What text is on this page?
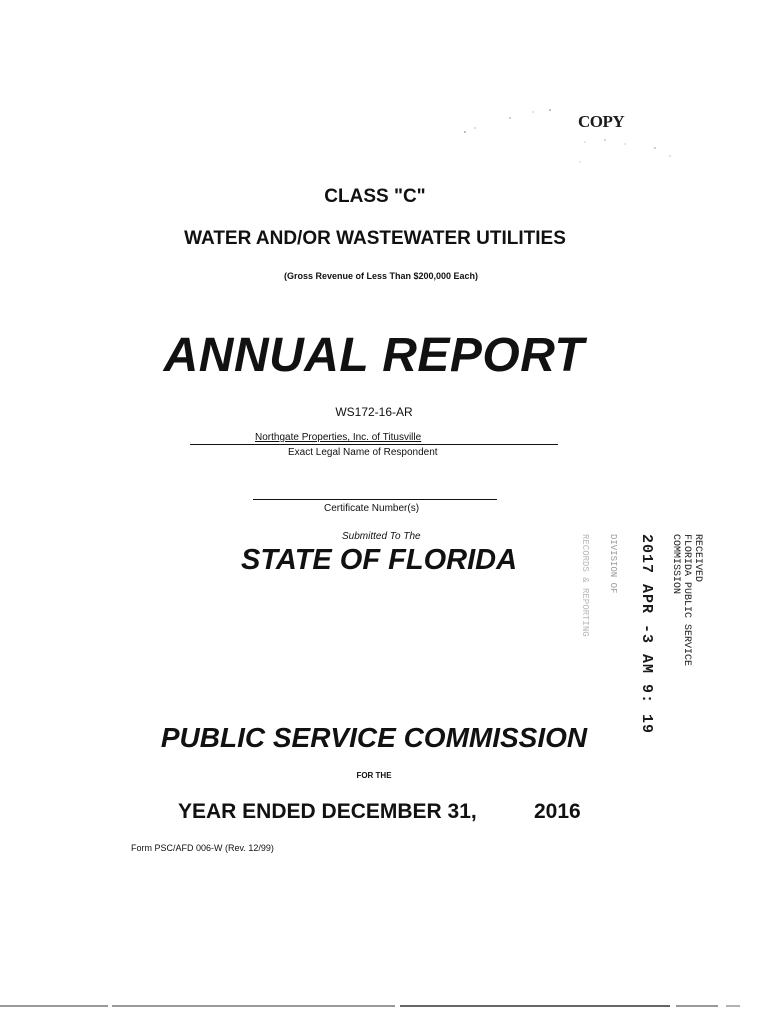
COPY
CLASS "C"
WATER AND/OR WASTEWATER UTILITIES
(Gross Revenue of Less Than $200,000 Each)
ANNUAL REPORT
WS172-16-AR
Northgate Properties, Inc. of Titusville
Exact Legal Name of Respondent
Certificate Number(s)
Submitted To The
STATE OF FLORIDA	RECEIVED
FLORIDA PUBLIC SERVICE
COMMISSION
2017 APR -3 AM 9: 19
DIVISION OF
RECORDS & REPORTING
PUBLIC SERVICE COMMISSION
FOR THE
YEAR ENDED DECEMBER 31,	2016
Form PSC/AFD 006-W (Rev. 12/99)
